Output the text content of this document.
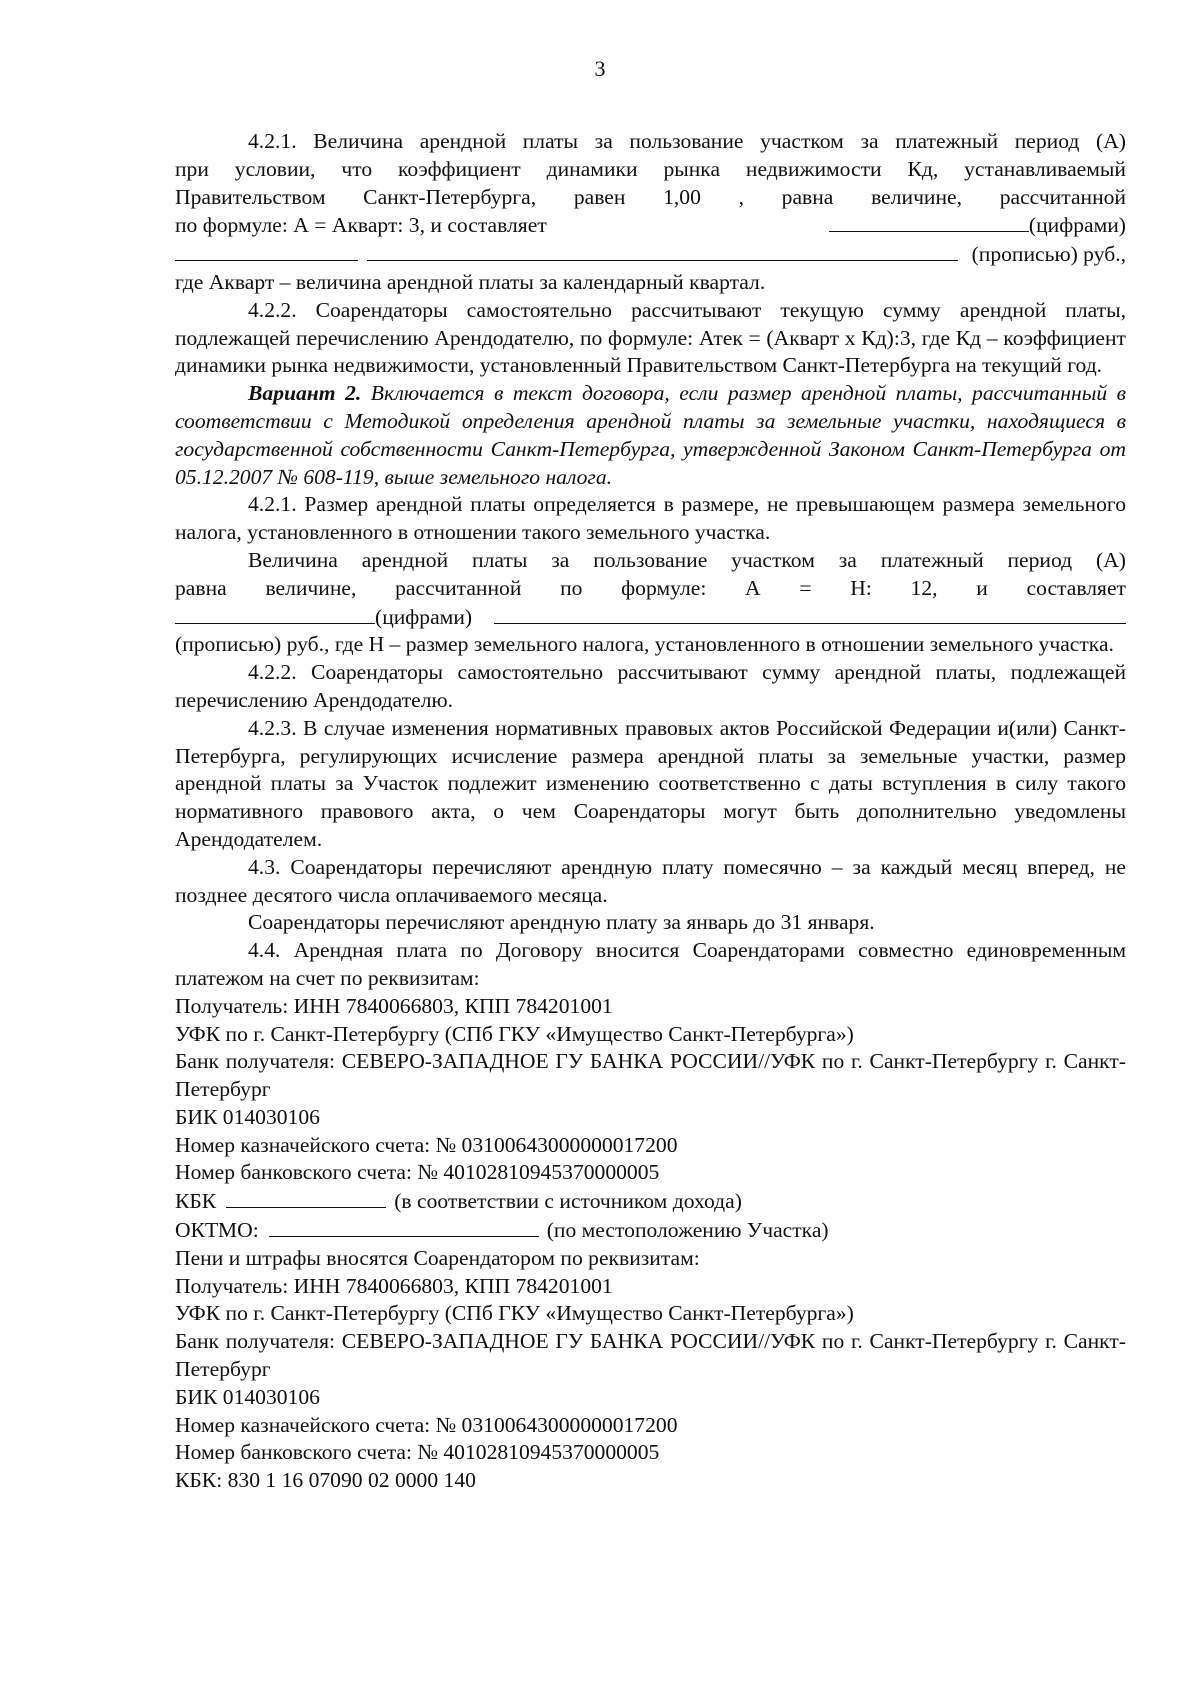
3

4.2.1. Величина арендной платы за пользование участком за платежный период (А)

при условии, что коэффициент динамики рынка недвижимости Кд, устанавливаемый

Правительством Санкт-Петербурга, равен 1,00 , равна величине, рассчитанной

по формуле: А = Акварт: 3, и составляет	(цифрами)
(прописью) руб.,

где Акварт – величина арендной платы за календарный квартал.

4.2.2. Соарендаторы самостоятельно рассчитывают текущую сумму арендной платы, подлежащей перечислению Арендодателю, по формуле: Атек = (Акварт х Кд):3, где Кд – коэффициент динамики рынка недвижимости, установленный Правительством Санкт-Петербурга на текущий год.

Вариант 2. Включается в текст договора, если размер арендной платы, рассчитанный в соответствии с Методикой определения арендной платы за земельные участки, находящиеся в государственной собственности Санкт-Петербурга, утвержденной Законом Санкт-Петербурга от 05.12.2007 № 608-119, выше земельного налога.

4.2.1. Размер арендной платы определяется в размере, не превышающем размера земельного налога, установленного в отношении такого земельного участка.

Величина арендной платы за пользование участком за платежный период (А)

равна величине, рассчитанной по формуле: А = Н: 12, и составляет

(цифрами)

(прописью) руб., где Н – размер земельного налога, установленного в отношении земельного участка.

4.2.2. Соарендаторы самостоятельно рассчитывают сумму арендной платы, подлежащей перечислению Арендодателю.

4.2.3. В случае изменения нормативных правовых актов Российской Федерации и(или) Санкт-Петербурга, регулирующих исчисление размера арендной платы за земельные участки, размер арендной платы за Участок подлежит изменению соответственно с даты вступления в силу такого нормативного правового акта, о чем Соарендаторы могут быть дополнительно уведомлены Арендодателем.

4.3. Соарендаторы перечисляют арендную плату помесячно – за каждый месяц вперед, не позднее десятого числа оплачиваемого месяца.

Соарендаторы перечисляют арендную плату за январь до 31 января.

4.4. Арендная плата по Договору вносится Соарендаторами совместно единовременным платежом на счет по реквизитам:

Получатель: ИНН 7840066803, КПП 784201001

УФК по г. Санкт-Петербургу (СПб ГКУ «Имущество Санкт-Петербурга»)

Банк получателя: СЕВЕРО-ЗАПАДНОЕ ГУ БАНКА РОССИИ//УФК по г. Санкт-Петербургу г. Санкт-Петербург

БИК 014030106

Номер казначейского счета: № 03100643000000017200

Номер банковского счета: № 40102810945370000005

КБК	(в соответствии с источником дохода)
ОКТМО:	(по местоположению Участка)

Пени и штрафы вносятся Соарендатором по реквизитам:

Получатель: ИНН 7840066803, КПП 784201001

УФК по г. Санкт-Петербургу (СПб ГКУ «Имущество Санкт-Петербурга»)

Банк получателя: СЕВЕРО-ЗАПАДНОЕ ГУ БАНКА РОССИИ//УФК по г. Санкт-Петербургу г. Санкт-Петербург

БИК 014030106

Номер казначейского счета: № 03100643000000017200

Номер банковского счета: № 40102810945370000005

КБК: 830 1 16 07090 02 0000 140
